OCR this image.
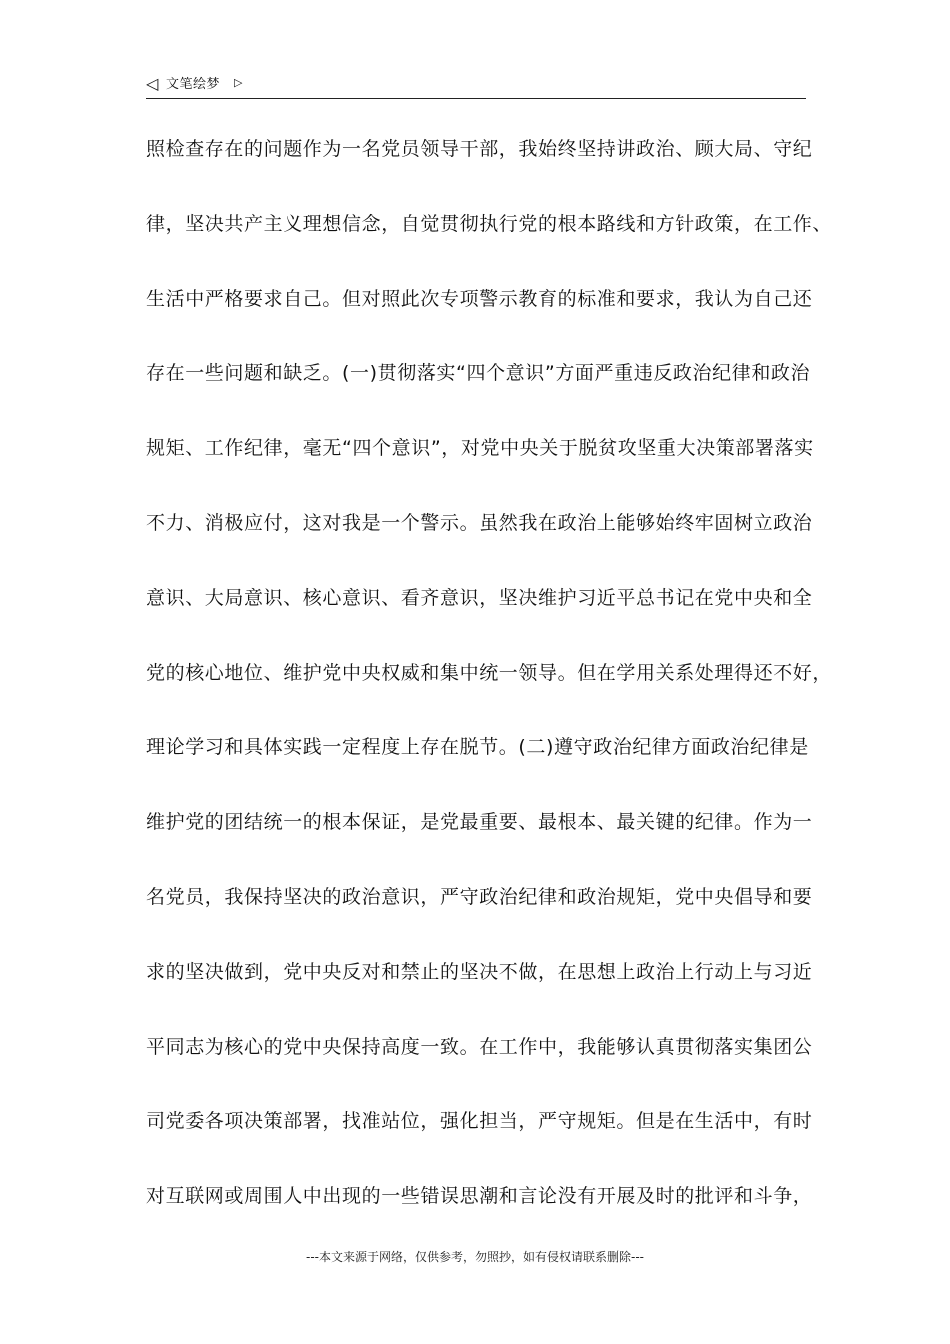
◁ 文笔绘梦 ▷
照检查存在的问题作为一名党员领导干部，我始终坚持讲政治、顾大局、守纪
律，坚决共产主义理想信念，自觉贯彻执行党的根本路线和方针政策，在工作、
生活中严格要求自己。但对照此次专项警示教育的标准和要求，我认为自己还
存在一些问题和缺乏。(一)贯彻落实“四个意识”方面严重违反政治纪律和政治
规矩、工作纪律，毫无“四个意识”，对党中央关于脱贫攻坚重大决策部署落实
不力、消极应付，这对我是一个警示。虽然我在政治上能够始终牢固树立政治
意识、大局意识、核心意识、看齐意识，坚决维护习近平总书记在党中央和全
党的核心地位、维护党中央权威和集中统一领导。但在学用关系处理得还不好，
理论学习和具体实践一定程度上存在脱节。(二)遵守政治纪律方面政治纪律是
维护党的团结统一的根本保证，是党最重要、最根本、最关键的纪律。作为一
名党员，我保持坚决的政治意识，严守政治纪律和政治规矩，党中央倡导和要
求的坚决做到，党中央反对和禁止的坚决不做，在思想上政治上行动上与习近
平同志为核心的党中央保持高度一致。在工作中，我能够认真贯彻落实集团公
司党委各项决策部署，找准站位，强化担当，严守规矩。但是在生活中，有时
对互联网或周围人中出现的一些错误思潮和言论没有开展及时的批评和斗争，
---本文来源于网络，仅供参考，勿照抄，如有侵权请联系删除---
